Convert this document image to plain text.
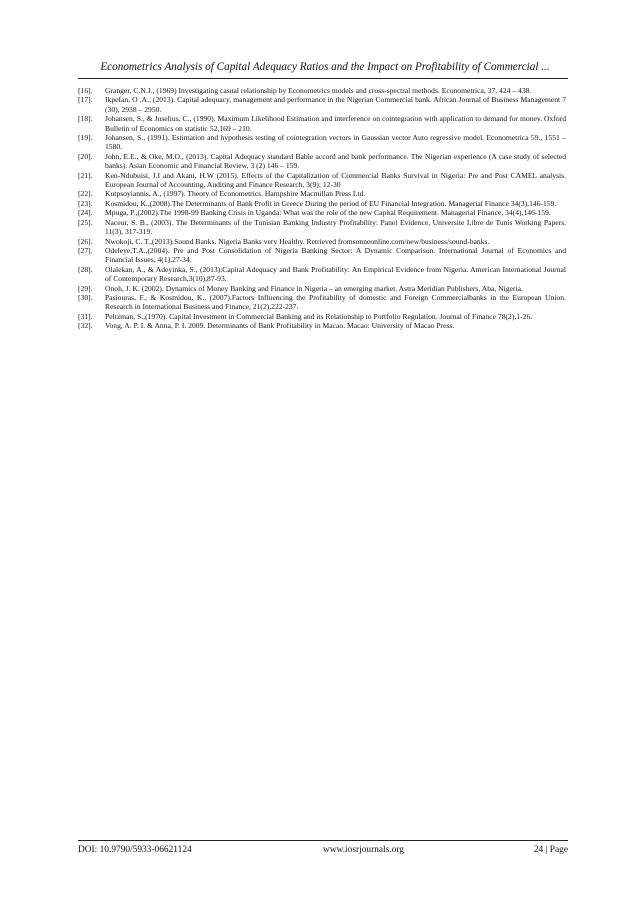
Econometrics Analysis of Capital Adequacy Ratios and the Impact on Profitability of Commercial ...
[16].	Granger, C.N.J., (1969) Investigating casual relationship by Econometrics models and cross-spectral methods. Econometrica, 37, 424 – 438.
[17].	Ikpefan, O .A., (2013). Capital adequacy, management and performance in the Nigerian Commercial bank. African Journal of Business Management 7 (30), 2938 – 2950.
[18].	Johansen, S., & Juselius, C., (1990). Maximum Likelihood Estimation and interference on cointegration with application to demand for money. Oxford Bulletin of Economics on statistic 52,169 – 210.
[19].	Johansen, S., (1991). Estimation and hypothesis testing of cointegration vectors in Gaussian vector Auto regressive model. Econometrica 59., 1551 – 1580.
[20].	John, E.E., & Oke, M.O., (2013). Capital Adequacy standard Bable accord and bank performance. The Nigerian experience (A case study of selected banks). Asian Economic and Financial Review, 3 (2) 146 – 159.
[21].	Ken-Ndubuisi, J.I and Akani, H.W (2015). Effects of the Capitalization of Commercial Banks Survival in Nigeria: Pre and Post CAMEL analysis. European Journal of Accounting, Auditing and Finance Research, 3(9); 12-30
[22].	Kutpsoyiannis, A., (1997). Theory of Econometrics. Hampshire Macmillan Press Ltd.
[23].	Kosmidou, K.,(2008).The Determinants of Bank Profit in Greece During the period of EU Financial Integration. Managerial Finance 34(3),146-159.
[24].	Mpuga, P.,(2002).The 1998-99 Banking Crisis in Uganda: What was the role of the new Capital Requirement. Managerial Finance, 34(4),146-159.
[25].	Naceur, S. B., (2003). The Determinants of the Tunisian Banking Industry Profitability: Panel Evidence, Universite Libre de Tunis Working Papers. 11(3), 317-319.
[26].	Nwokoji, C. T.,(2013).Sound Banks. Nigeria Banks very Healthy. Retrieved fromsunneonline.com/new/business/sound-banks.
[27].	Odeleye,T.A.,(2004). Pre and Post Consolidation of Nigeria Banking Sector: A Dynamic Comparison. International Journal of Economics and Financial Issues, 4(1),27-34.
[28].	Olalekan, A., & Adeyinka, S., (2013):Capital Adequacy and Bank Profitability: An Empirical Evidence from Nigeria. American International Journal of Contemporary Research,3(10),87-93.
[29].	Onoh, J. K. (2002). Dynamics of Money Banking and Finance in Nigeria – an emerging market. Astra Meridian Publishers, Aba, Nigeria.
[30].	Pasiouras, F., & Kosmidou, K., (2007).Factors Influencing the Profitability of domestic and Foreign Commercialbanks in the European Union. Research in International Business and Finance, 21(2),222-237.
[31].	Peltzman, S.,(1970). Capital Investment in Commercial Banking and its Relationship to Portfolio Regulation. Journal of Finance 78(2),1-26.
[32].	Vong, A. P. I. & Anna, P. I. 2009. Determinants of Bank Profitability in Macao. Macao: University of Macao Press.
DOI: 10.9790/5933-06621124	www.iosrjournals.org	24 | Page
